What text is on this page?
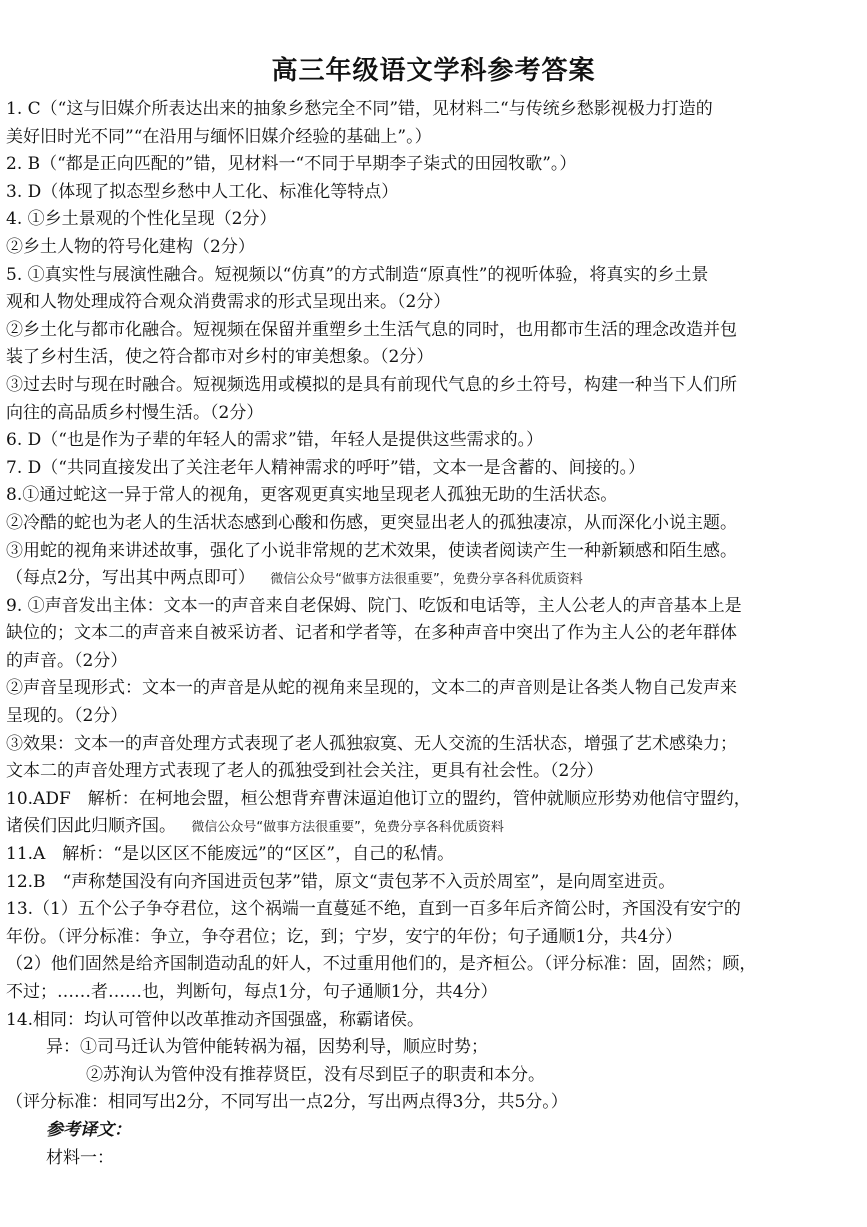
高三年级语文学科参考答案
1. C（“这与旧媒介所表达出来的抽象乡愁完全不同”错，见材料二“与传统乡愁影视极力打造的
美好旧时光不同”“在沿用与缅怀旧媒介经验的基础上”。）
2. B（“都是正向匹配的”错，见材料一“不同于早期李子柒式的田园牧歌”。）
3. D（体现了拟态型乡愁中人工化、标准化等特点）
4. ①乡土景观的个性化呈现（2分）
②乡土人物的符号化建构（2分）
5. ①真实性与展演性融合。短视频以“仿真”的方式制造“原真性”的视听体验，将真实的乡土景
观和人物处理成符合观众消费需求的形式呈现出来。（2分）
②乡土化与都市化融合。短视频在保留并重塑乡土生活气息的同时，也用都市生活的理念改造并包
装了乡村生活，使之符合都市对乡村的审美想象。（2分）
③过去时与现在时融合。短视频选用或模拟的是具有前现代气息的乡土符号，构建一种当下人们所
向往的高品质乡村慢生活。（2分）
6. D（“也是作为子辈的年轻人的需求”错，年轻人是提供这些需求的。）
7. D（“共同直接发出了关注老年人精神需求的呼吁”错，文本一是含蓄的、间接的。）
8.①通过蛇这一异于常人的视角，更客观更真实地呈现老人孤独无助的生活状态。
②冷酷的蛇也为老人的生活状态感到心酸和伤感，更突显出老人的孤独凄凉，从而深化小说主题。
③用蛇的视角来讲述故事，强化了小说非常规的艺术效果，使读者阅读产生一种新颖感和陌生感。
（每点2分，写出其中两点即可） 微信公众号“做事方法很重要”，免费分享各科优质资料
9. ①声音发出主体：文本一的声音来自老保姆、院门、吃饭和电话等，主人公老人的声音基本上是
缺位的；文本二的声音来自被采访者、记者和学者等，在多种声音中突出了作为主人公的老年群体
的声音。（2分）
②声音呈现形式：文本一的声音是从蛇的视角来呈现的，文本二的声音则是让各类人物自己发声来
呈现的。（2分）
③效果：文本一的声音处理方式表现了老人孤独寂寞、无人交流的生活状态，增强了艺术感染力；
文本二的声音处理方式表现了老人的孤独受到社会关注，更具有社会性。（2分）
10.ADF　解析：在柯地会盟，桓公想背弃曹沫逼迫他订立的盟约，管仲就顺应形势劝他信守盟约，
诸侯们因此归顺齐国。 微信公众号“做事方法很重要”，免费分享各科优质资料
11.A　解析：“是以区区不能废远”的“区区”，自己的私情。
12.B　“声称楚国没有向齐国进贡包茅”错，原文“责包茅不入贡於周室”，是向周室进贡。
13.（1）五个公子争夺君位，这个祸端一直蔓延不绝，直到一百多年后齐简公时，齐国没有安宁的
年份。（评分标准：争立，争夺君位；讫，到；宁岁，安宁的年份；句子通顺1分，共4分）
（2）他们固然是给齐国制造动乱的奸人，不过重用他们的，是齐桓公。（评分标准：固，固然；顾，
不过；……者……也，判断句，每点1分，句子通顺1分，共4分）
14.相同：均认可管仲以改革推动齐国强盛，称霸诸侯。
异：①司马迁认为管仲能转祸为福，因势利导，顺应时势；
②苏洵认为管仲没有推荐贤臣，没有尽到臣子的职责和本分。
（评分标准：相同写出2分，不同写出一点2分，写出两点得3分，共5分。）
参考译文：
材料一：
